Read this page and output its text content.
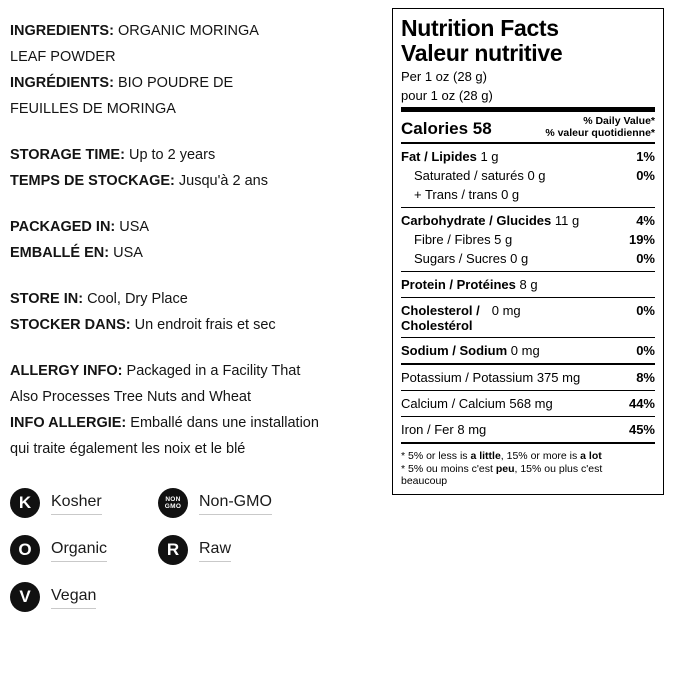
INGREDIENTS: ORGANIC MORINGA
LEAF POWDER
INGRÉDIENTS: BIO POUDRE DE
FEUILLES DE MORINGA
STORAGE TIME: Up to 2 years
TEMPS DE STOCKAGE: Jusqu'à 2 ans
PACKAGED IN: USA
EMBALLÉ EN: USA
STORE IN: Cool, Dry Place
STOCKER DANS: Un endroit frais et sec
ALLERGY INFO: Packaged in a Facility That
Also Processes Tree Nuts and Wheat
INFO ALLERGIE: Emballé dans une installation
qui traite également les noix et le blé
K	Kosher	NON
GMO	Non-GMO
O	Organic	R	Raw
V	Vegan
Nutrition Facts
Valeur nutritive
Per 1 oz (28 g)
pour 1 oz (28 g)
Calories 58	% Daily Value*
% valeur quotidienne*
Fat / Lipides 1 g	1%
Saturated / saturés 0 g	0%
+ Trans / trans 0 g
Carbohydrate / Glucides 11 g	4%
Fibre / Fibres 5 g	19%
Sugars / Sucres 0 g	0%
Protein / Protéines 8 g
Cholesterol /
Cholestérol
0 mg	0%
Sodium / Sodium 0 mg	0%
Potassium / Potassium 375 mg	8%
Calcium / Calcium 568 mg	44%
Iron / Fer 8 mg	45%
* 5% or less is a little, 15% or more is a lot
* 5% ou moins c'est peu, 15% ou plus c'est
beaucoup
